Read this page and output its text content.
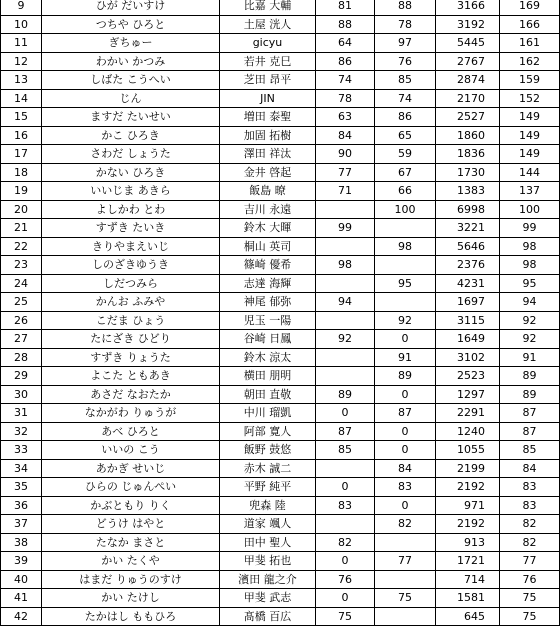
9	ひが だいすけ	比嘉 大輔	81	88	3166	169
10	つちや ひろと	土屋 洸人	88	78	3192	166
11	ぎちゅー	gicyu	64	97	5445	161
12	わかい かつみ	若井 克巳	86	76	2767	162
13	しばた こうへい	芝田 昂平	74	85	2874	159
14	じん	JIN	78	74	2170	152
15	ますだ たいせい	増田 泰聖	63	86	2527	149
16	かこ ひろき	加固 拓樹	84	65	1860	149
17	さわだ しょうた	澤田 祥汰	90	59	1836	149
18	かない ひろき	金井 啓起	77	67	1730	144
19	いいじま あきら	飯島 暸	71	66	1383	137
20	よしかわ とわ	吉川 永遠		100	6998	100
21	すずき たいき	鈴木 大暉	99		3221	99
22	きりやまえいじ	桐山 英司		98	5646	98
23	しのざきゆうき	篠崎 優希	98		2376	98
24	しだつみら	志達 海輝		95	4231	95
25	かんお ふみや	神尾 郁弥	94		1697	94
26	こだま ひょう	児玉 一陽		92	3115	92
27	たにざき ひどり	谷崎 日鳳	92	0	1649	92
28	すずき りょうた	鈴木 涼太		91	3102	91
29	よこた ともあき	横田 朋明		89	2523	89
30	あさだ なおたか	朝田 直敬	89	0	1297	89
31	なかがわ りゅうが	中川 瑠凱	0	87	2291	87
32	あべ ひろと	阿部 寛人	87	0	1240	87
33	いいの こう	飯野 鼓悠	85	0	1055	85
34	あかぎ せいじ	赤木 誠二		84	2199	84
35	ひらの じゅんぺい	平野 純平	0	83	2192	83
36	かぶともり りく	兜森 陸	83	0	971	83
37	どうけ はやと	道家 颯人		82	2192	82
38	たなか まさと	田中 聖人	82		913	82
39	かい たくや	甲斐 拓也	0	77	1721	77
40	はまだ りゅうのすけ	濱田 龍之介	76		714	76
41	かい たけし	甲斐 武志	0	75	1581	75
42	たかはし ももひろ	髙橋 百広	75		645	75
